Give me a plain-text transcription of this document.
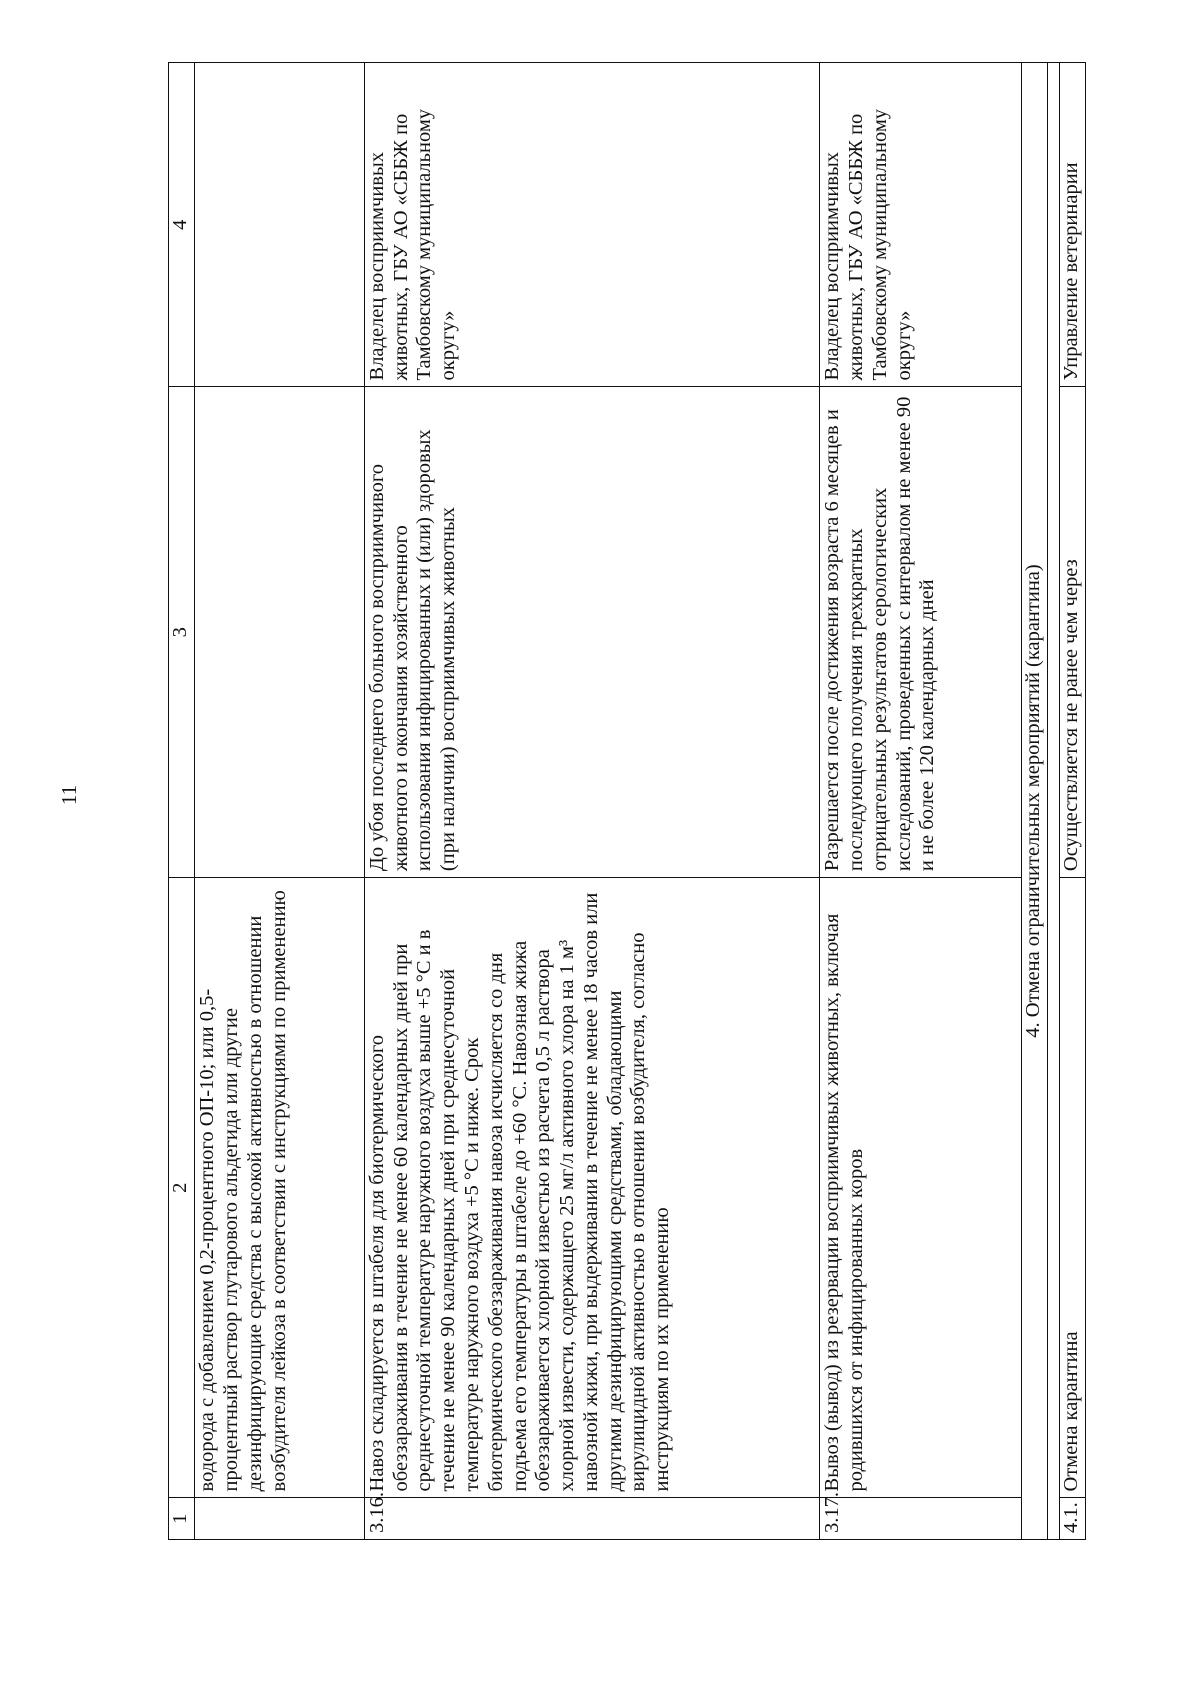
11
1	2	3	4
	водорода с добавлением 0,2-процентного ОП-10; или 0,5-процентный раствор глутарового альдегида или другие дезинфицирующие средства с высокой активностью в отношении возбудителя лейкоза в соответствии с инструкциями по применению		
3.16.	Навоз складируется в штабеля для биотермического обеззараживания в течение не менее 60 календарных дней при среднесуточной температуре наружного воздуха выше +5 °С и в течение не менее 90 календарных дней при среднесуточной температуре наружного воздуха +5 °С и ниже. Срок биотермического обеззараживания навоза исчисляется со дня подъема его температуры в штабеле до +60 °С. Навозная жижа обеззараживается хлорной известью из расчета 0,5 л раствора хлорной извести, содержащего 25 мг/л активного хлора на 1 м³ навозной жижи, при выдерживании в течение не менее 18 часов или другими дезинфицирующими средствами, обладающими вирулицидной активностью в отношении возбудителя, согласно инструкциям по их применению	До убоя последнего больного восприимчивого животного и окончания хозяйственного использования инфицированных и (или) здоровых (при наличии) восприимчивых животных	Владелец восприимчивых животных, ГБУ АО «СББЖ по Тамбовскому муниципальному округу»
3.17.	Вывоз (вывод) из резервации восприимчивых животных, включая родившихся от инфицированных коров	Разрешается после достижения возраста 6 месяцев и последующего получения трехкратных отрицательных результатов серологических исследований, проведенных с интервалом не менее 90 и не более 120 календарных дней	Владелец восприимчивых животных, ГБУ АО «СББЖ по Тамбовскому муниципальному округу»
4. Отмена ограничительных мероприятий (карантина)			

4.1.	Отмена карантина	Осуществляется не ранее чем через	Управление ветеринарии
